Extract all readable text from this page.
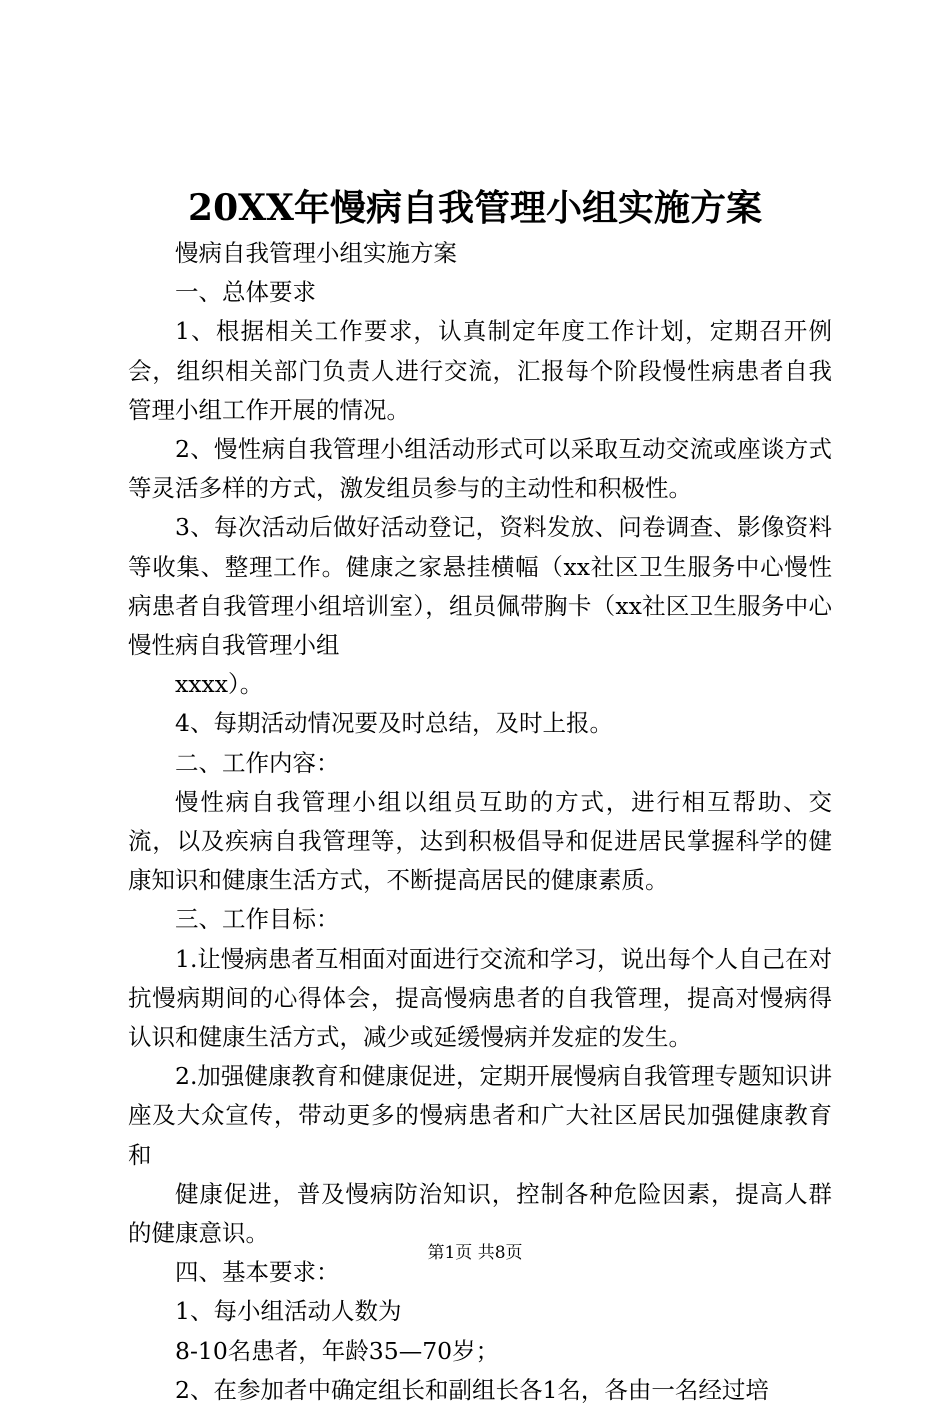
20XX年慢病自我管理小组实施方案

慢病自我管理小组实施方案

一、总体要求

1、根据相关工作要求，认真制定年度工作计划，定期召开例会，组织相关部门负责人进行交流，汇报每个阶段慢性病患者自我管理小组工作开展的情况。

2、慢性病自我管理小组活动形式可以采取互动交流或座谈方式等灵活多样的方式，激发组员参与的主动性和积极性。

3、每次活动后做好活动登记，资料发放、问卷调查、影像资料等收集、整理工作。健康之家悬挂横幅（xx社区卫生服务中心慢性病患者自我管理小组培训室），组员佩带胸卡（xx社区卫生服务中心慢性病自我管理小组

xxxx）。

4、每期活动情况要及时总结，及时上报。

二、工作内容：

慢性病自我管理小组以组员互助的方式，进行相互帮助、交流，以及疾病自我管理等，达到积极倡导和促进居民掌握科学的健康知识和健康生活方式，不断提高居民的健康素质。

三、工作目标：

1.让慢病患者互相面对面进行交流和学习，说出每个人自己在对抗慢病期间的心得体会，提高慢病患者的自我管理，提高对慢病得认识和健康生活方式，减少或延缓慢病并发症的发生。

2.加强健康教育和健康促进，定期开展慢病自我管理专题知识讲座及大众宣传，带动更多的慢病患者和广大社区居民加强健康教育和

健康促进，普及慢病防治知识，控制各种危险因素，提高人群的健康意识。

四、基本要求：

1、每小组活动人数为

8-10名患者，年龄35—70岁；

2、在参加者中确定组长和副组长各1名，各由一名经过培

第1页 共8页
